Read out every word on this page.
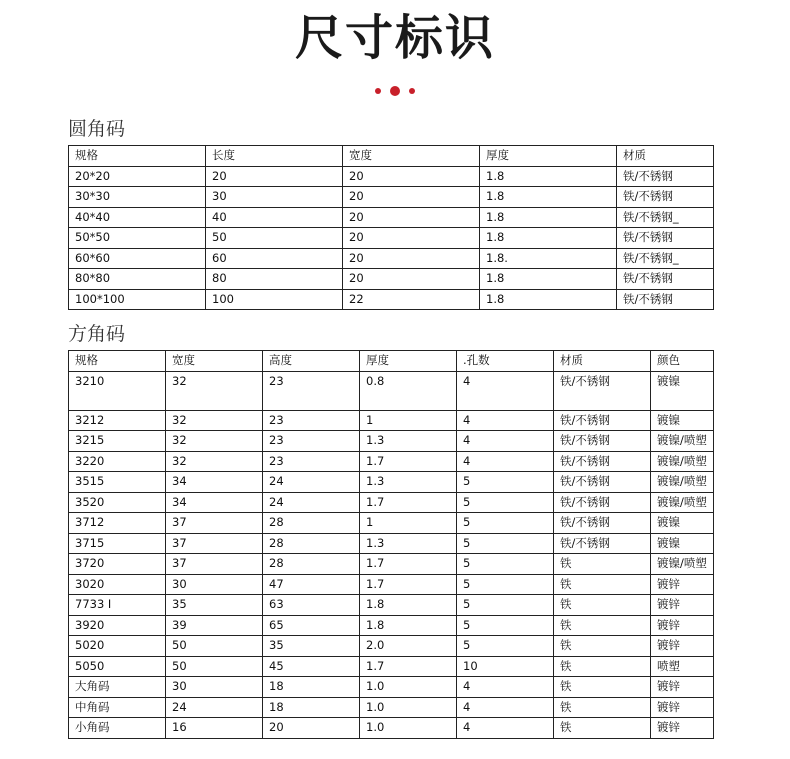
尺寸标识
圆角码
规格	长度	宽度	厚度	材质
20*20	20	20	1.8	铁/不锈钢
30*30	30	20	1.8	铁/不锈钢
40*40	40	20	1.8	铁/不锈钢_
50*50	50	20	1.8	铁/不锈钢
60*60	60	20	1.8.	铁/不锈钢_
80*80	80	20	1.8	铁/不锈钢
100*100	100	22	1.8	铁/不锈钢
方角码
规格	宽度	高度	厚度	.孔数	材质	颜色
3210	32	23	0.8	4	铁/不锈钢	镀镍
3212	32	23	1	4	铁/不锈钢	镀镍
3215	32	23	1.3	4	铁/不锈钢	镀镍/喷塑
3220	32	23	1.7	4	铁/不锈钢	镀镍/喷塑
3515	34	24	1.3	5	铁/不锈钢	镀镍/喷塑
3520	34	24	1.7	5	铁/不锈钢	镀镍/喷塑
3712	37	28	1	5	铁/不锈钢	镀镍
3715	37	28	1.3	5	铁/不锈钢	镀镍
3720	37	28	1.7	5	铁	镀镍/喷塑
3020	30	47	1.7	5	铁	镀锌
7733 I	35	63	1.8	5	铁	镀锌
3920	39	65	1.8	5	铁	镀锌
5020	50	35	2.0	5	铁	镀锌
5050	50	45	1.7	10	铁	喷塑
大角码	30	18	1.0	4	铁	镀锌
中角码	24	18	1.0	4	铁	镀锌
小角码	16	20	1.0	4	铁	镀锌
